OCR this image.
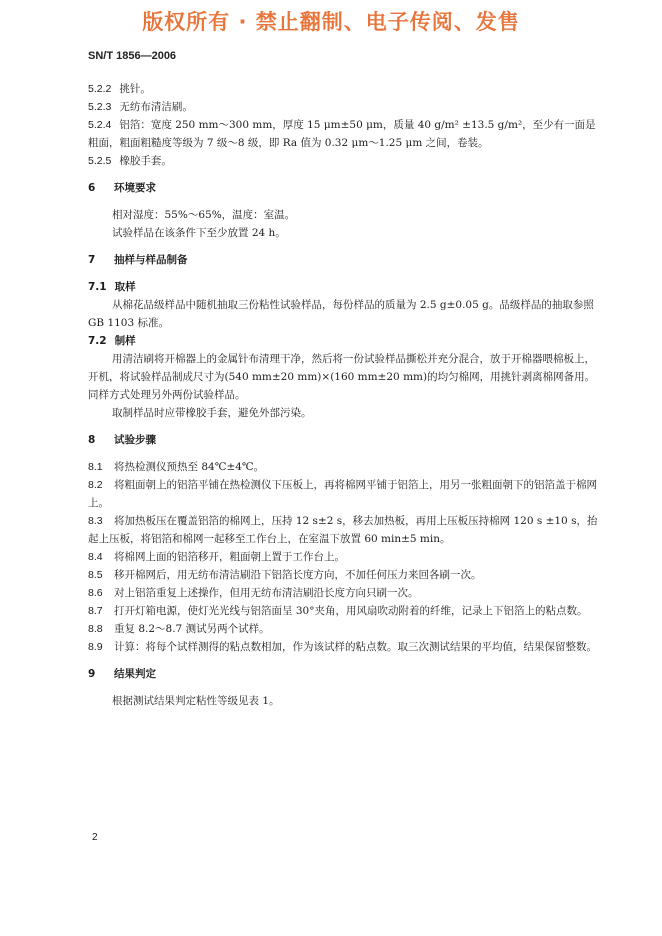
版权所有 · 禁止翻制、电子传阅、发售
SN/T 1856—2006

5.2.2 挑针。

5.2.3 无纺布清洁刷。

5.2.4 铝箔：宽度 250 mm～300 mm，厚度 15 μm±50 μm，质量 40 g/m² ±13.5 g/m²，至少有一面是粗面，粗面粗糙度等级为 7 级～8 级，即 Ra 值为 0.32 μm～1.25 μm 之间，卷装。

5.2.5 橡胶手套。

6 环境要求

相对湿度：55%～65%，温度：室温。

试验样品在该条件下至少放置 24 h。

7 抽样与样品制备

7.1 取样

从棉花品级样品中随机抽取三份粘性试验样品，每份样品的质量为 2.5 g±0.05 g。品级样品的抽取参照 GB 1103 标准。

7.2 制样

用清洁刷将开棉器上的金属针布清理干净，然后将一份试验样品撕松并充分混合，放于开棉器喂棉板上，开机，将试验样品制成尺寸为(540 mm±20 mm)×(160 mm±20 mm)的均匀棉网，用挑针剥离棉网备用。同样方式处理另外两份试验样品。

取制样品时应带橡胶手套，避免外部污染。

8 试验步骤

8.1 将热检测仪预热至 84℃±4℃。

8.2 将粗面朝上的铝箔平铺在热检测仪下压板上，再将棉网平铺于铝箔上，用另一张粗面朝下的铝箔盖于棉网上。

8.3 将加热板压在覆盖铝箔的棉网上，压持 12 s±2 s，移去加热板，再用上压板压持棉网 120 s ±10 s，抬起上压板，将铝箔和棉网一起移至工作台上，在室温下放置 60 min±5 min。

8.4 将棉网上面的铝箔移开，粗面朝上置于工作台上。

8.5 移开棉网后，用无纺布清洁刷沿下铝箔长度方向，不加任何压力来回各刷一次。

8.6 对上铝箔重复上述操作，但用无纺布清洁刷沿长度方向只刷一次。

8.7 打开灯箱电源，使灯光光线与铝箔面呈 30°夹角，用风扇吹动附着的纤维，记录上下铝箔上的粘点数。

8.8 重复 8.2～8.7 测试另两个试样。

8.9 计算：将每个试样测得的粘点数相加，作为该试样的粘点数。取三次测试结果的平均值，结果保留整数。

9 结果判定

根据测试结果判定粘性等级见表 1。

2
